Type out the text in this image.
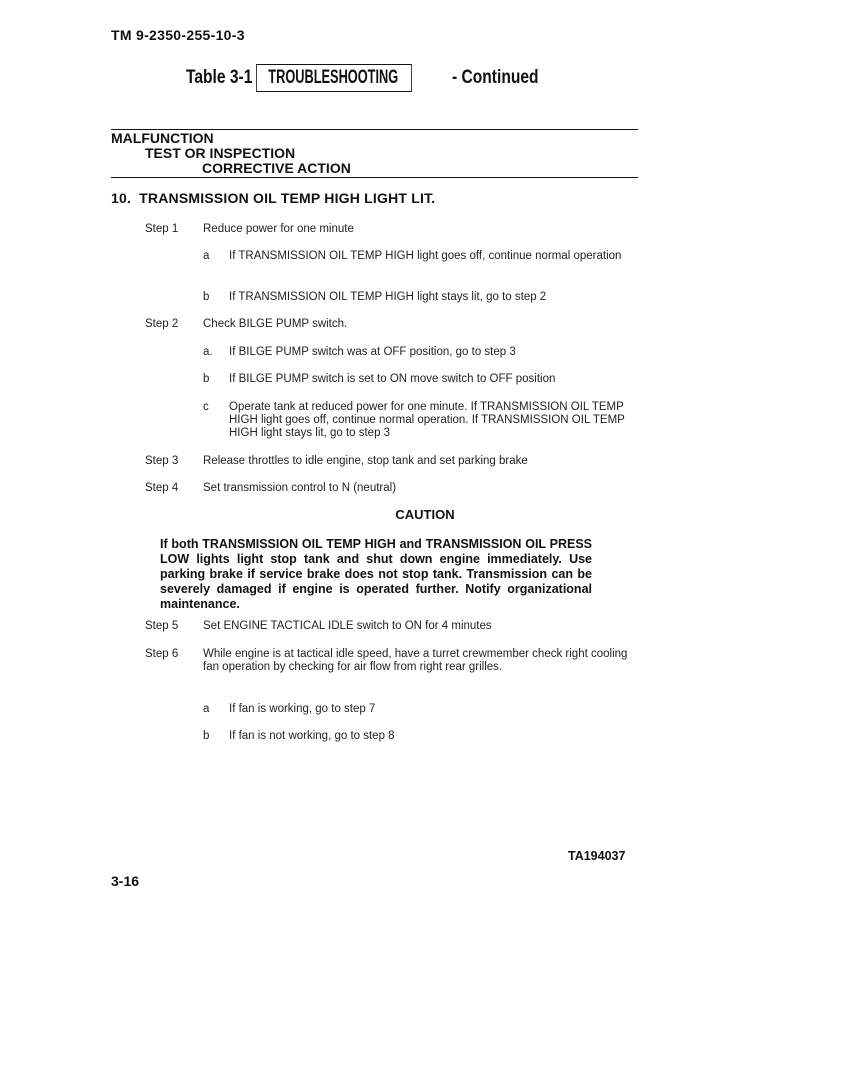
TM 9-2350-255-10-3
Table 3-1 TROUBLESHOOTING	- Continued
MALFUNCTION
TEST OR INSPECTION
CORRECTIVE ACTION
10. TRANSMISSION OIL TEMP HIGH LIGHT LIT.
Step 1 Reduce power for one minute
a If TRANSMISSION OIL TEMP HIGH light goes off, continue normal operation
b If TRANSMISSION OIL TEMP HIGH light stays lit, go to step 2
Step 2 Check BILGE PUMP switch.
a. If BILGE PUMP switch was at OFF position, go to step 3
b If BILGE PUMP switch is set to ON move switch to OFF position
c Operate tank at reduced power for one minute. If TRANSMISSION OIL TEMP HIGH light goes off, continue normal operation. If TRANSMISSION OIL TEMP HIGH light stays lit, go to step 3
Step 3 Release throttles to idle engine, stop tank and set parking brake
Step 4 Set transmission control to N (neutral)
CAUTION
If both TRANSMISSION OIL TEMP HIGH and TRANSMISSION OIL PRESS LOW lights light stop tank and shut down engine immediately. Use parking brake if service brake does not stop tank. Transmission can be severely damaged if engine is operated further. Notify organizational maintenance.
Step 5 Set ENGINE TACTICAL IDLE switch to ON for 4 minutes
Step 6 While engine is at tactical idle speed, have a turret crewmember check right cooling fan operation by checking for air flow from right rear grilles.
a If fan is working, go to step 7
b If fan is not working, go to step 8
TA194037
3-16
